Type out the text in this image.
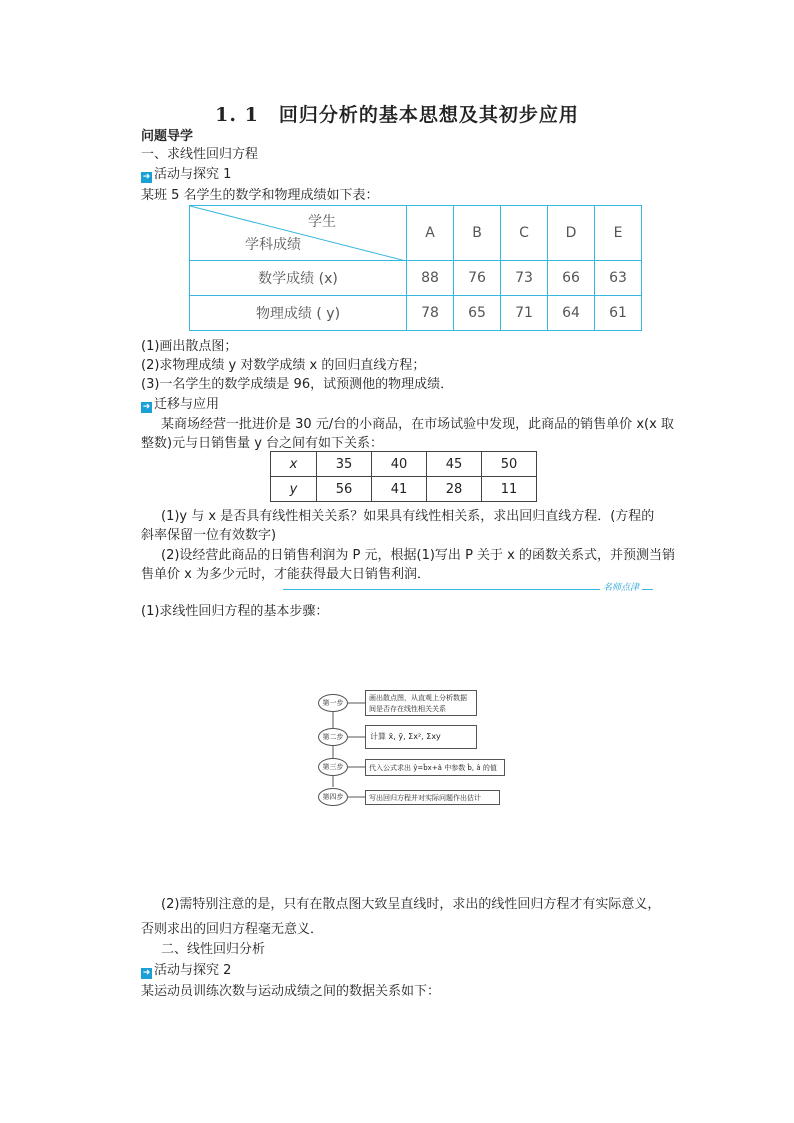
1. 1　回归分析的基本思想及其初步应用
问题导学
一、求线性回归方程
➜ 活动与探究 1
某班 5 名学生的数学和物理成绩如下表：
学生
学科成绩	A	B	C	D	E
数学成绩 (x)	88	76	73	66	63
物理成绩 ( y)	78	65	71	64	61
(1)画出散点图；
(2)求物理成绩 y 对数学成绩 x 的回归直线方程；
(3)一名学生的数学成绩是 96，试预测他的物理成绩．
➜ 迁移与应用
某商场经营一批进价是 30 元/台的小商品，在市场试验中发现，此商品的销售单价 x(x 取
整数)元与日销售量 y 台之间有如下关系：
x	35	40	45	50
y	56	41	28	11
(1)y 与 x 是否具有线性相关关系？如果具有线性相关系，求出回归直线方程．(方程的
斜率保留一位有效数字)
(2)设经营此商品的日销售利润为 P 元，根据(1)写出 P 关于 x 的函数关系式，并预测当销
售单价 x 为多少元时，才能获得最大日销售利润．
名师点津
(1)求线性回归方程的基本步骤：
第一步
画出散点图，从直观上分析数据间是否存在线性相关关系
第二步	计算 x̄, ȳ, Σx², Σxy
第三步	代入公式求出 ŷ=b̂x+â 中参数 b̂, â 的值
第四步	写出回归方程并对实际问题作出估计
(2)需特别注意的是，只有在散点图大致呈直线时，求出的线性回归方程才有实际意义，
否则求出的回归方程毫无意义．
二、线性回归分析
➜ 活动与探究 2
某运动员训练次数与运动成绩之间的数据关系如下：
